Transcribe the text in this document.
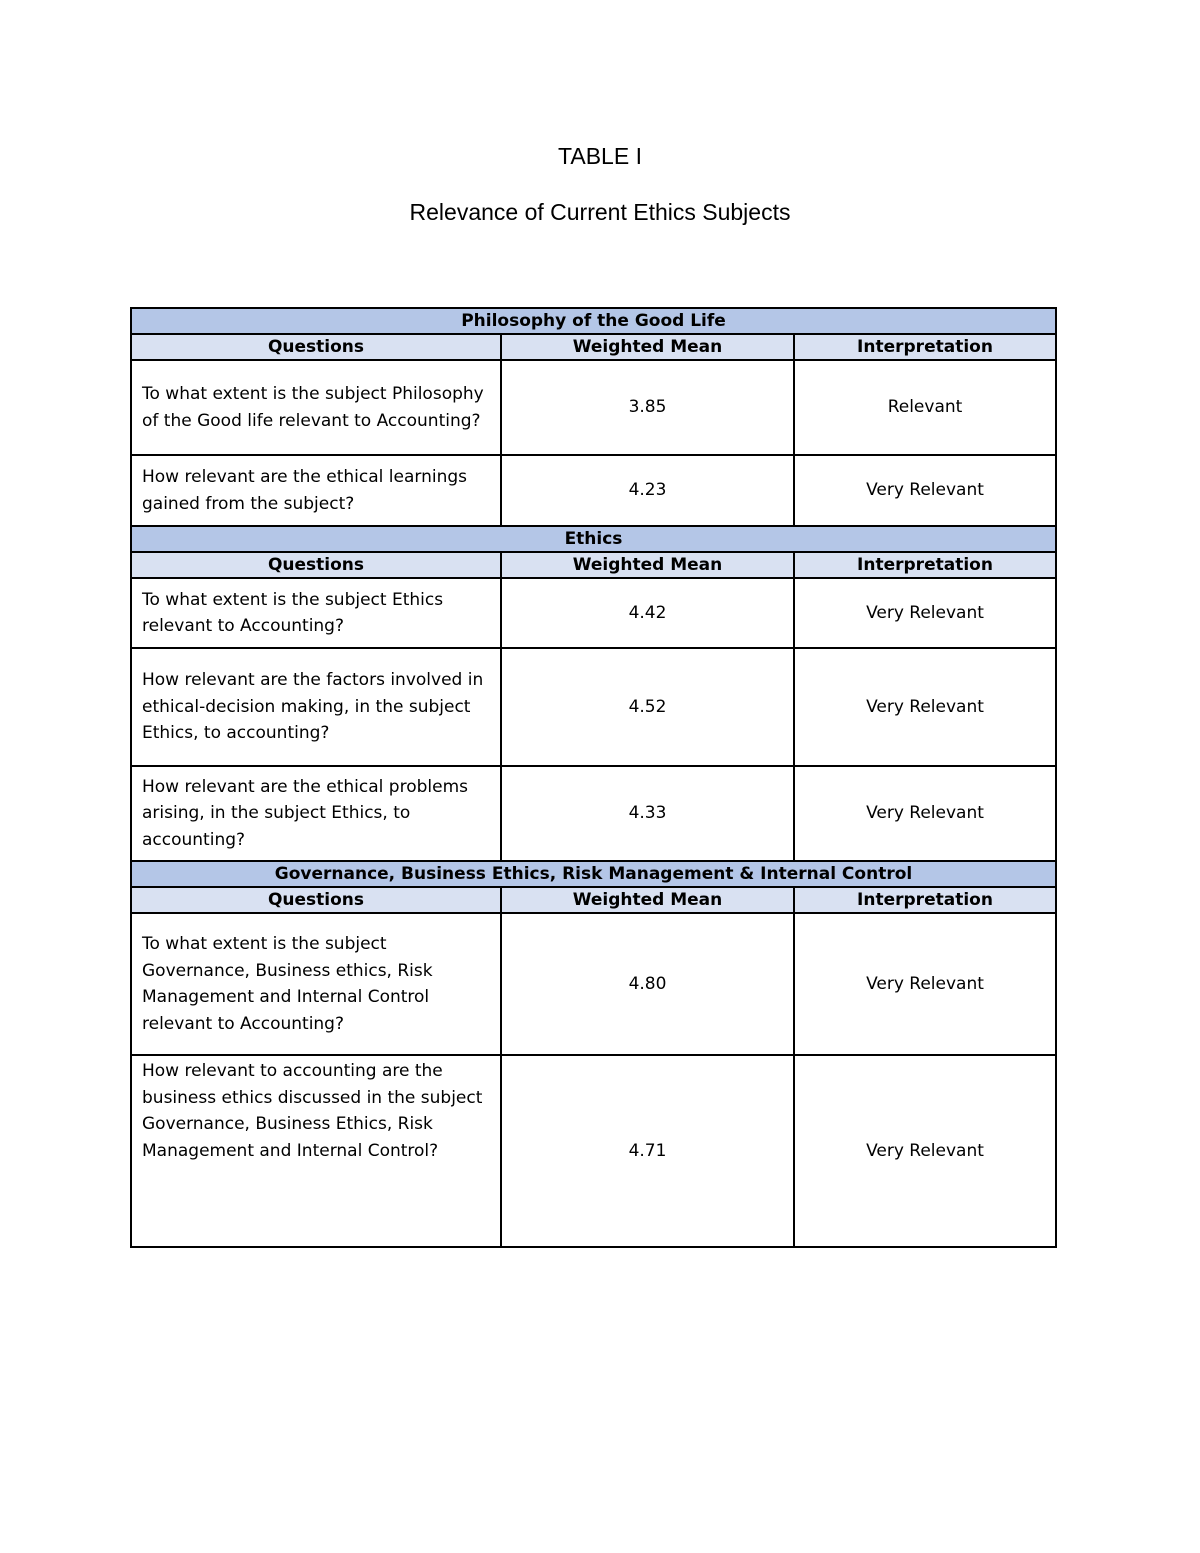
TABLE I
Relevance of Current Ethics Subjects
Philosophy of the Good Life		
Questions	Weighted Mean	Interpretation
To what extent is the subject Philosophy of the Good life relevant to Accounting?	3.85	Relevant
How relevant are the ethical learnings gained from the subject?	4.23	Very Relevant
Ethics		
Questions	Weighted Mean	Interpretation
To what extent is the subject Ethics relevant to Accounting?	4.42	Very Relevant
How relevant are the factors involved in ethical-decision making, in the subject Ethics, to accounting?	4.52	Very Relevant
How relevant are the ethical problems arising, in the subject Ethics, to accounting?	4.33	Very Relevant
Governance, Business Ethics, Risk Management & Internal Control		
Questions	Weighted Mean	Interpretation
To what extent is the subject Governance, Business ethics, Risk Management and Internal Control relevant to Accounting?	4.80	Very Relevant
How relevant to accounting are the business ethics discussed in the subject Governance, Business Ethics, Risk Management and Internal Control?	4.71	Very Relevant
